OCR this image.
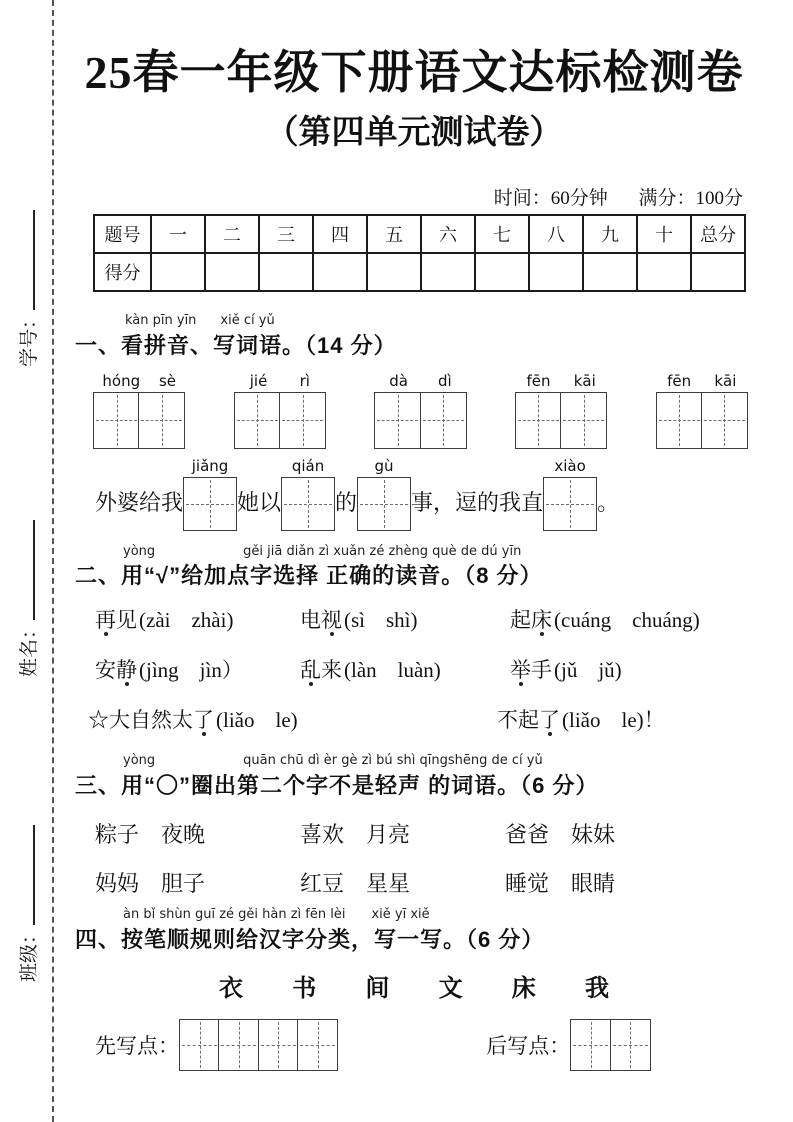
班级：
姓名：
学号：
25春一年级下册语文达标检测卷
（第四单元测试卷）
时间：60分钟 满分：100分
题号	一	二	三	四	五	六	七	八	九	十	总分
得分											
kàn pīn yīn xiě cí yǔ
一、看拼音、写词语。（14 分）
hóng sè	jié rì	dà dì	fēn kāi	fēn kāi
外婆给我
jiǎng
她以
qián
的
gù
事，逗的我直
xiào
。
yòng	gěi jiā diǎn zì xuǎn zé zhèng què de dú yīn
二、用“√”给加点字选择 正确的读音。（8 分）
再见(zài　zhài)	电视(sì　shì)	起床(cuáng　chuáng)
安静(jìng　jìn）	乱来(làn　luàn)	举手(jǔ　jǔ)
☆大自然太了(liǎo　le)	不起了(liǎo　le)！
yòng	quān chū dì èr gè zì bú shì qīngshēng de cí yǔ
三、用“〇”圈出第二个字不是轻声 的词语。（6 分）
粽子　夜晚	喜欢　月亮	爸爸　妹妹
妈妈　胆子	红豆　星星	睡觉　眼睛
àn bǐ shùn guī zé gěi hàn zì fēn lèi xiě yī xiě
四、按笔顺规则给汉字分类，写一写。（6 分）
衣 书 间 文 床 我
先写点：	后写点：
